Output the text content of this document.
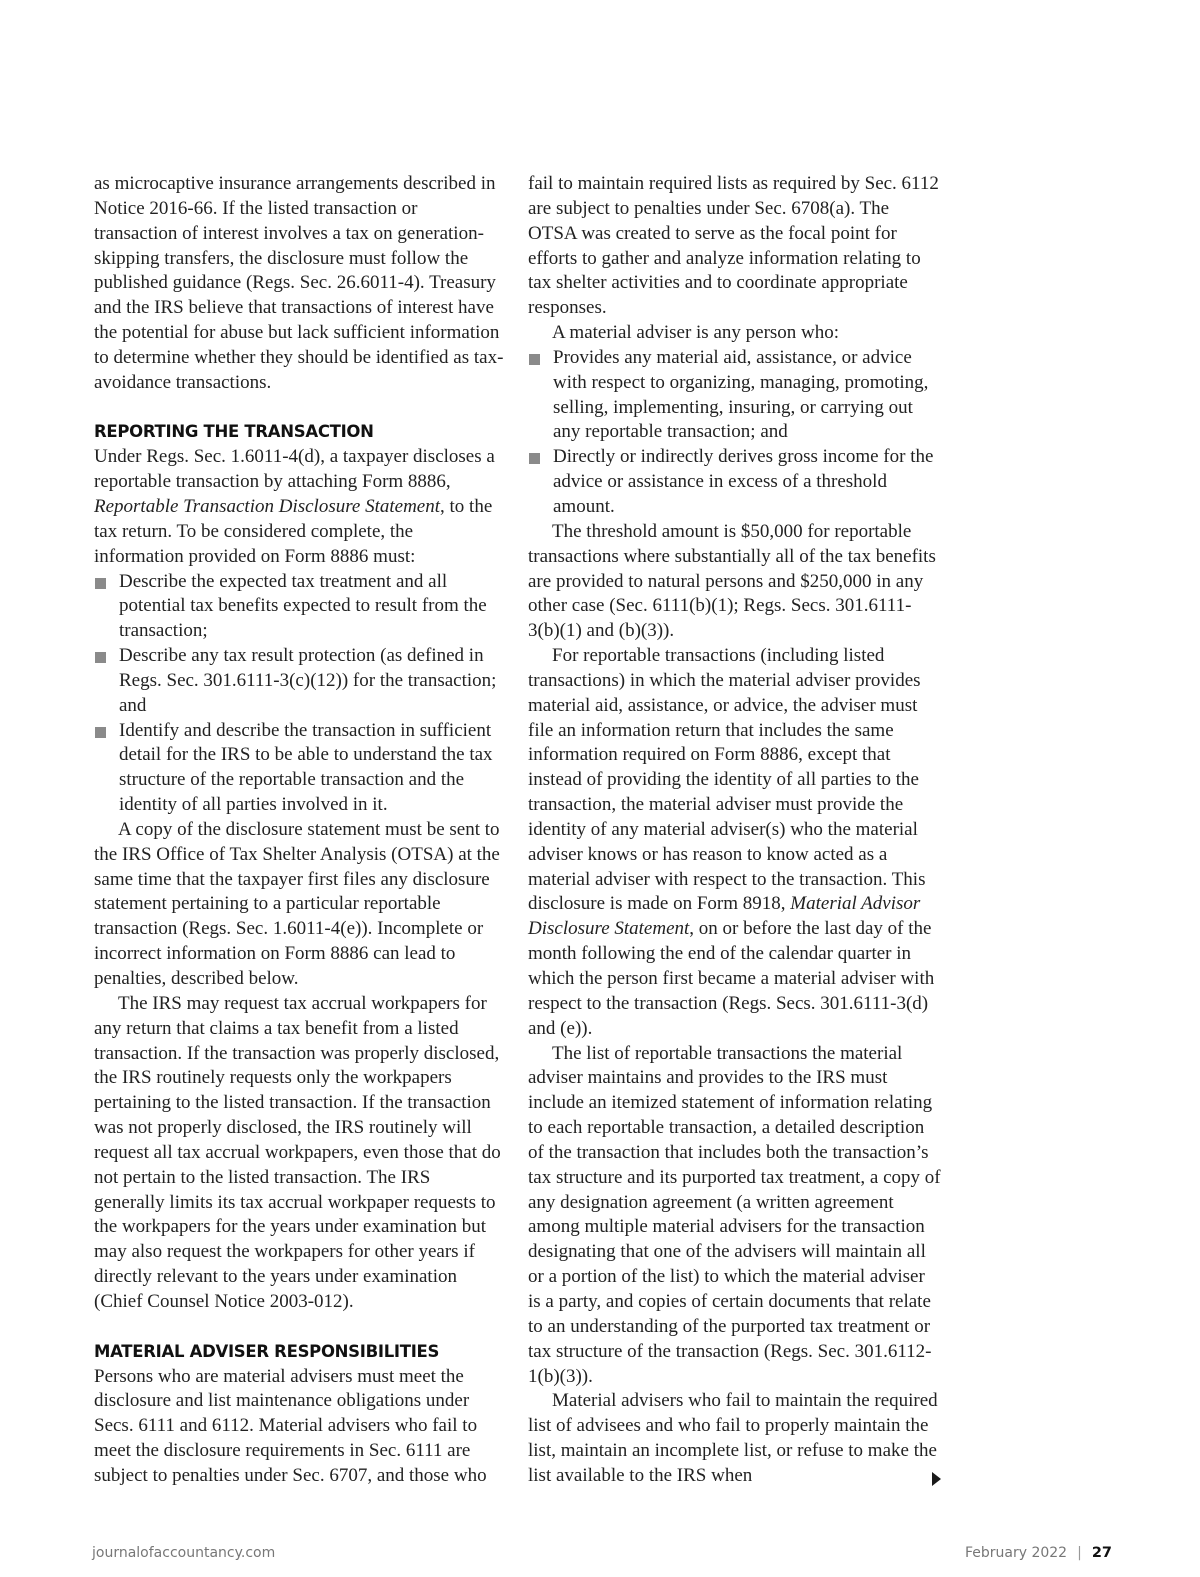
as microcaptive insurance arrangements described in Notice 2016-66. If the listed transaction or transaction of interest involves a tax on generation-skipping transfers, the disclosure must follow the published guidance (Regs. Sec. 26.6011-4). Treasury and the IRS believe that transactions of interest have the potential for abuse but lack sufficient information to determine whether they should be identified as tax-avoidance transactions.

REPORTING THE TRANSACTION

Under Regs. Sec. 1.6011-4(d), a taxpayer discloses a reportable transaction by attaching Form 8886, Reportable Transaction Disclosure Statement, to the tax return. To be considered complete, the information provided on Form 8886 must:

Describe the expected tax treatment and all potential tax benefits expected to result from the transaction;
Describe any tax result protection (as defined in Regs. Sec. 301.6111-3(c)(12)) for the transaction; and
Identify and describe the transaction in sufficient detail for the IRS to be able to understand the tax structure of the reportable transaction and the identity of all parties involved in it.

A copy of the disclosure statement must be sent to the IRS Office of Tax Shelter Analysis (OTSA) at the same time that the taxpayer first files any disclosure statement pertaining to a particular reportable transaction (Regs. Sec. 1.6011-4(e)). Incomplete or incorrect information on Form 8886 can lead to penalties, described below.

The IRS may request tax accrual workpapers for any return that claims a tax benefit from a listed transaction. If the transaction was properly disclosed, the IRS routinely requests only the workpapers pertaining to the listed transaction. If the transaction was not properly disclosed, the IRS routinely will request all tax accrual workpapers, even those that do not pertain to the listed transaction. The IRS generally limits its tax accrual workpaper requests to the workpapers for the years under examination but may also request the workpapers for other years if directly relevant to the years under examination (Chief Counsel Notice 2003-012).

MATERIAL ADVISER RESPONSIBILITIES

Persons who are material advisers must meet the disclosure and list maintenance obligations under Secs. 6111 and 6112. Material advisers who fail to meet the disclosure requirements in Sec. 6111 are subject to penalties under Sec. 6707, and those who

fail to maintain required lists as required by Sec. 6112 are subject to penalties under Sec. 6708(a). The OTSA was created to serve as the focal point for efforts to gather and analyze information relating to tax shelter activities and to coordinate appropriate responses.

A material adviser is any person who:

Provides any material aid, assistance, or advice with respect to organizing, managing, promoting, selling, implementing, insuring, or carrying out any reportable transaction; and
Directly or indirectly derives gross income for the advice or assistance in excess of a threshold amount.

The threshold amount is $50,000 for reportable transactions where substantially all of the tax benefits are provided to natural persons and $250,000 in any other case (Sec. 6111(b)(1); Regs. Secs. 301.6111-3(b)(1) and (b)(3)).

For reportable transactions (including listed transactions) in which the material adviser provides material aid, assistance, or advice, the adviser must file an information return that includes the same information required on Form 8886, except that instead of providing the identity of all parties to the transaction, the material adviser must provide the identity of any material adviser(s) who the material adviser knows or has reason to know acted as a material adviser with respect to the transaction. This disclosure is made on Form 8918, Material Advisor Disclosure Statement, on or before the last day of the month following the end of the calendar quarter in which the person first became a material adviser with respect to the transaction (Regs. Secs. 301.6111-3(d) and (e)).

The list of reportable transactions the material adviser maintains and provides to the IRS must include an itemized statement of information relating to each reportable transaction, a detailed description of the transaction that includes both the transaction’s tax structure and its purported tax treatment, a copy of any designation agreement (a written agreement among multiple material advisers for the transaction designating that one of the advisers will maintain all or a portion of the list) to which the material adviser is a party, and copies of certain documents that relate to an understanding of the purported tax treatment or tax structure of the transaction (Regs. Sec. 301.6112-1(b)(3)).

Material advisers who fail to maintain the required list of advisees and who fail to properly maintain the list, maintain an incomplete list, or refuse to make the list available to the IRS when

journalofaccountancy.com	February 2022 | 27
